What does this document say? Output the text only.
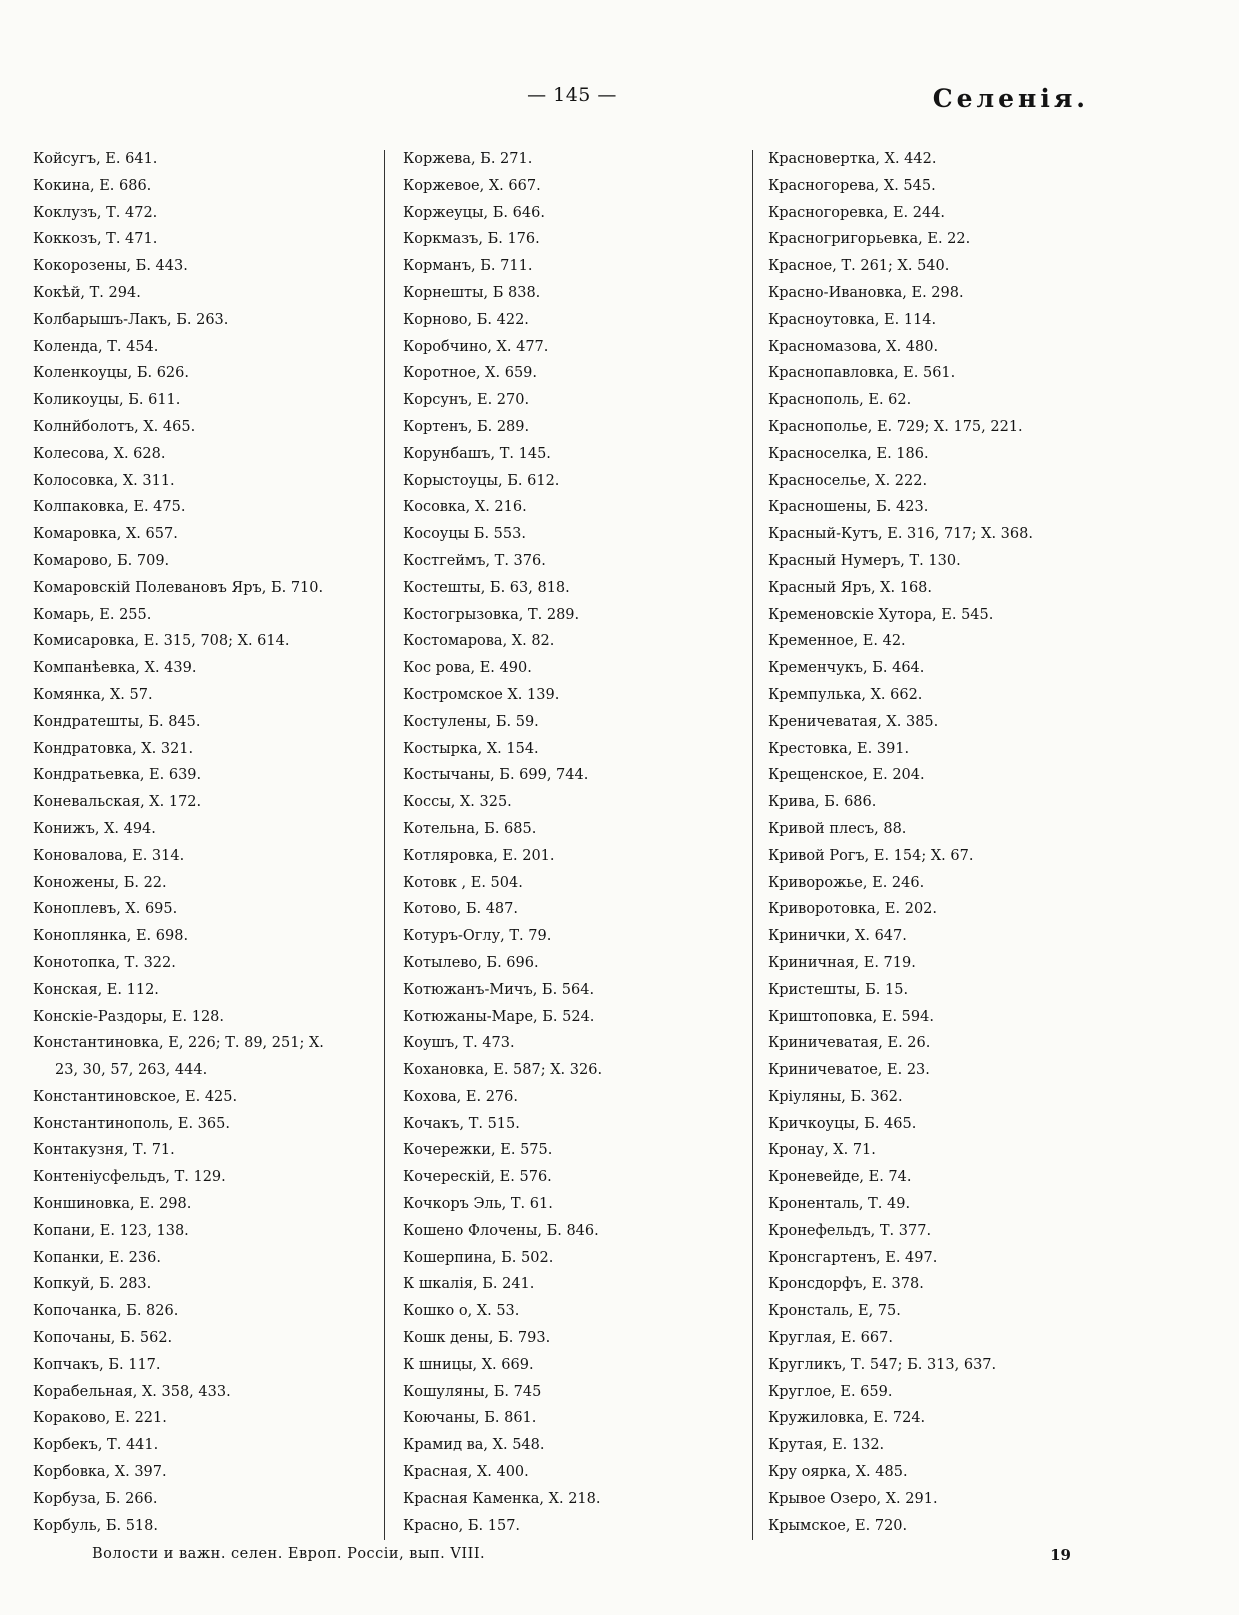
— 145 —	Селенія.
Койсугъ, Е. 641.
Кокина, Е. 686.
Коклузъ, Т. 472.
Коккозъ, Т. 471.
Кокорозены, Б. 443.
Кокѣй, Т. 294.
Колбарышъ-Лакъ, Б. 263.
Коленда, Т. 454.
Коленкоуцы, Б. 626.
Коликоуцы, Б. 611.
Колнйболотъ, Х. 465.
Колесова, Х. 628.
Колосовка, Х. 311.
Колпаковка, Е. 475.
Комаровка, Х. 657.
Комарово, Б. 709.
Комаровскій Полевановъ Яръ, Б. 710.
Комарь, Е. 255.
Комисаровка, Е. 315, 708; Х. 614.
Компанѣевка, Х. 439.
Комянка, Х. 57.
Кондратешты, Б. 845.
Кондратовка, Х. 321.
Кондратьевка, Е. 639.
Коневальская, Х. 172.
Конижъ, Х. 494.
Коновалова, Е. 314.
Коножены, Б. 22.
Коноплевъ, Х. 695.
Коноплянка, Е. 698.
Конотопка, Т. 322.
Конская, Е. 112.
Конскіе-Раздоры, Е. 128.
Константиновка, Е, 226; Т. 89, 251; Х.
23, 30, 57, 263, 444.
Константиновское, Е. 425.
Константинополь, Е. 365.
Контакузня, Т. 71.
Контеніусфельдъ, Т. 129.
Коншиновка, Е. 298.
Копани, Е. 123, 138.
Копанки, Е. 236.
Копкуй, Б. 283.
Копочанка, Б. 826.
Копочаны, Б. 562.
Копчакъ, Б. 117.
Корабельная, Х. 358, 433.
Кораково, Е. 221.
Корбекъ, Т. 441.
Корбовка, Х. 397.
Корбуза, Б. 266.
Корбуль, Б. 518.
Коржева, Б. 271.
Коржевое, Х. 667.
Коржеуцы, Б. 646.
Коркмазъ, Б. 176.
Корманъ, Б. 711.
Корнешты, Б 838.
Корново, Б. 422.
Коробчино, Х. 477.
Коротное, Х. 659.
Корсунъ, Е. 270.
Кортенъ, Б. 289.
Корунбашъ, Т. 145.
Корыстоуцы, Б. 612.
Косовка, Х. 216.
Косоуцы Б. 553.
Костгеймъ, Т. 376.
Костешты, Б. 63, 818.
Костогрызовка, Т. 289.
Костомарова, Х. 82.
Кос рова, Е. 490.
Костромское Х. 139.
Костулены, Б. 59.
Костырка, Х. 154.
Костычаны, Б. 699, 744.
Коссы, Х. 325.
Котельна, Б. 685.
Котляровка, Е. 201.
Котовк , Е. 504.
Котово, Б. 487.
Котуръ-Оглу, Т. 79.
Котылево, Б. 696.
Котюжанъ-Мичъ, Б. 564.
Котюжаны-Маре, Б. 524.
Коушъ, Т. 473.
Кохановка, Е. 587; Х. 326.
Кохова, Е. 276.
Кочакъ, Т. 515.
Кочережки, Е. 575.
Кочерескій, Е. 576.
Кочкоръ Эль, Т. 61.
Кошено Флочены, Б. 846.
Кошерпина, Б. 502.
К шкалія, Б. 241.
Кошко о, Х. 53.
Кошк дены, Б. 793.
К шницы, Х. 669.
Кошуляны, Б. 745
Коючаны, Б. 861.
Крамид ва, Х. 548.
Красная, Х. 400.
Красная Каменка, Х. 218.
Красно, Б. 157.
Красновертка, Х. 442.
Красногорева, Х. 545.
Красногоревка, Е. 244.
Красногригорьевка, Е. 22.
Красное, Т. 261; Х. 540.
Красно-Ивановка, Е. 298.
Красноутовка, Е. 114.
Красномазова, Х. 480.
Краснопавловка, Е. 561.
Краснополь, Е. 62.
Краснополье, Е. 729; Х. 175, 221.
Красноселка, Е. 186.
Красноселье, Х. 222.
Красношены, Б. 423.
Красный-Кутъ, Е. 316, 717; Х. 368.
Красный Нумеръ, Т. 130.
Красный Яръ, Х. 168.
Кременовскіе Хутора, Е. 545.
Кременное, Е. 42.
Кременчукъ, Б. 464.
Кремпулька, Х. 662.
Креничеватая, Х. 385.
Крестовка, Е. 391.
Крещенское, Е. 204.
Крива, Б. 686.
Кривой плесъ, 88.
Кривой Рогъ, Е. 154; Х. 67.
Криворожье, Е. 246.
Криворотовка, Е. 202.
Кринички, Х. 647.
Криничная, Е. 719.
Кристешты, Б. 15.
Криштоповка, Е. 594.
Криничеватая, Е. 26.
Криничеватое, Е. 23.
Кріуляны, Б. 362.
Кричкоуцы, Б. 465.
Кронау, Х. 71.
Кроневейде, Е. 74.
Кроненталь, Т. 49.
Кронефельдъ, Т. 377.
Кронсгартенъ, Е. 497.
Кронсдорфъ, Е. 378.
Кронсталь, Е, 75.
Круглая, Е. 667.
Кругликъ, Т. 547; Б. 313, 637.
Круглое, Е. 659.
Кружиловка, Е. 724.
Крутая, Е. 132.
Кру оярка, Х. 485.
Крывое Озеро, Х. 291.
Крымское, Е. 720.
Волости и важн. селен. Европ. Россіи, вып. VIII.	19
